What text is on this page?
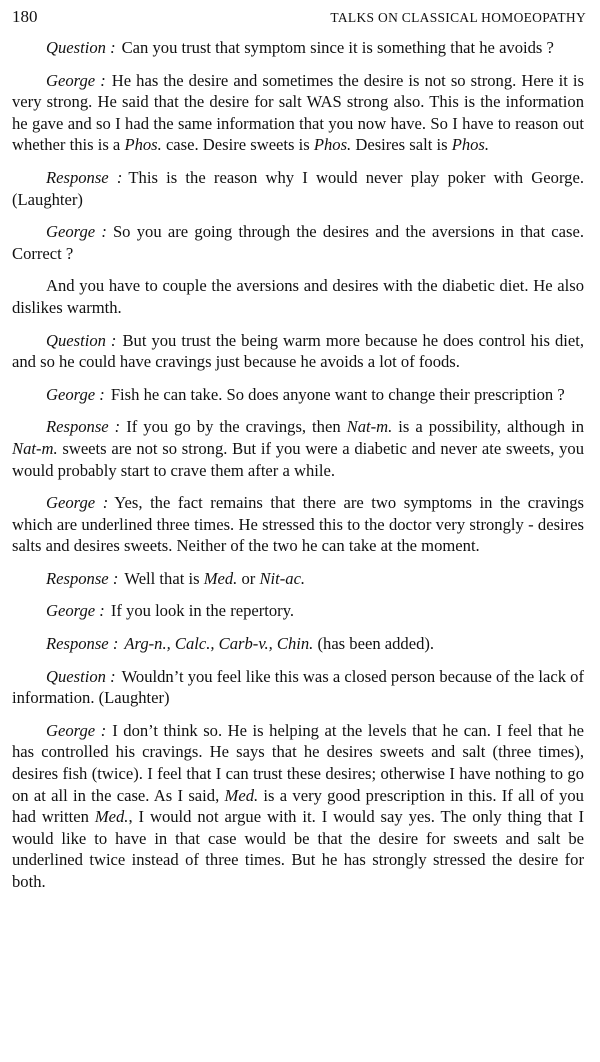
180	TALKS ON CLASSICAL HOMOEOPATHY

Question : Can you trust that symptom since it is something that he avoids ?

George : He has the desire and sometimes the desire is not so strong. Here it is very strong. He said that the desire for salt WAS strong also. This is the information he gave and so I had the same information that you now have. So I have to reason out whether this is a Phos. case. Desire sweets is Phos. Desires salt is Phos.

Response : This is the reason why I would never play poker with George. (Laughter)

George : So you are going through the desires and the aversions in that case. Correct ?

And you have to couple the aversions and desires with the diabetic diet. He also dislikes warmth.

Question : But you trust the being warm more because he does control his diet, and so he could have cravings just because he avoids a lot of foods.

George : Fish he can take. So does anyone want to change their prescription ?

Response : If you go by the cravings, then Nat-m. is a possibility, although in Nat-m. sweets are not so strong. But if you were a diabetic and never ate sweets, you would probably start to crave them after a while.

George : Yes, the fact remains that there are two symptoms in the cravings which are underlined three times. He stressed this to the doctor very strongly - desires salts and desires sweets. Neither of the two he can take at the moment.

Response : Well that is Med. or Nit-ac.

George : If you look in the repertory.

Response : Arg-n., Calc., Carb-v., Chin. (has been added).

Question : Wouldn’t you feel like this was a closed person because of the lack of information. (Laughter)

George : I don’t think so. He is helping at the levels that he can. I feel that he has controlled his cravings. He says that he desires sweets and salt (three times), desires fish (twice). I feel that I can trust these desires; otherwise I have nothing to go on at all in the case. As I said, Med. is a very good prescription in this. If all of you had written Med., I would not argue with it. I would say yes. The only thing that I would like to have in that case would be that the desire for sweets and salt be underlined twice instead of three times. But he has strongly stressed the desire for both.
